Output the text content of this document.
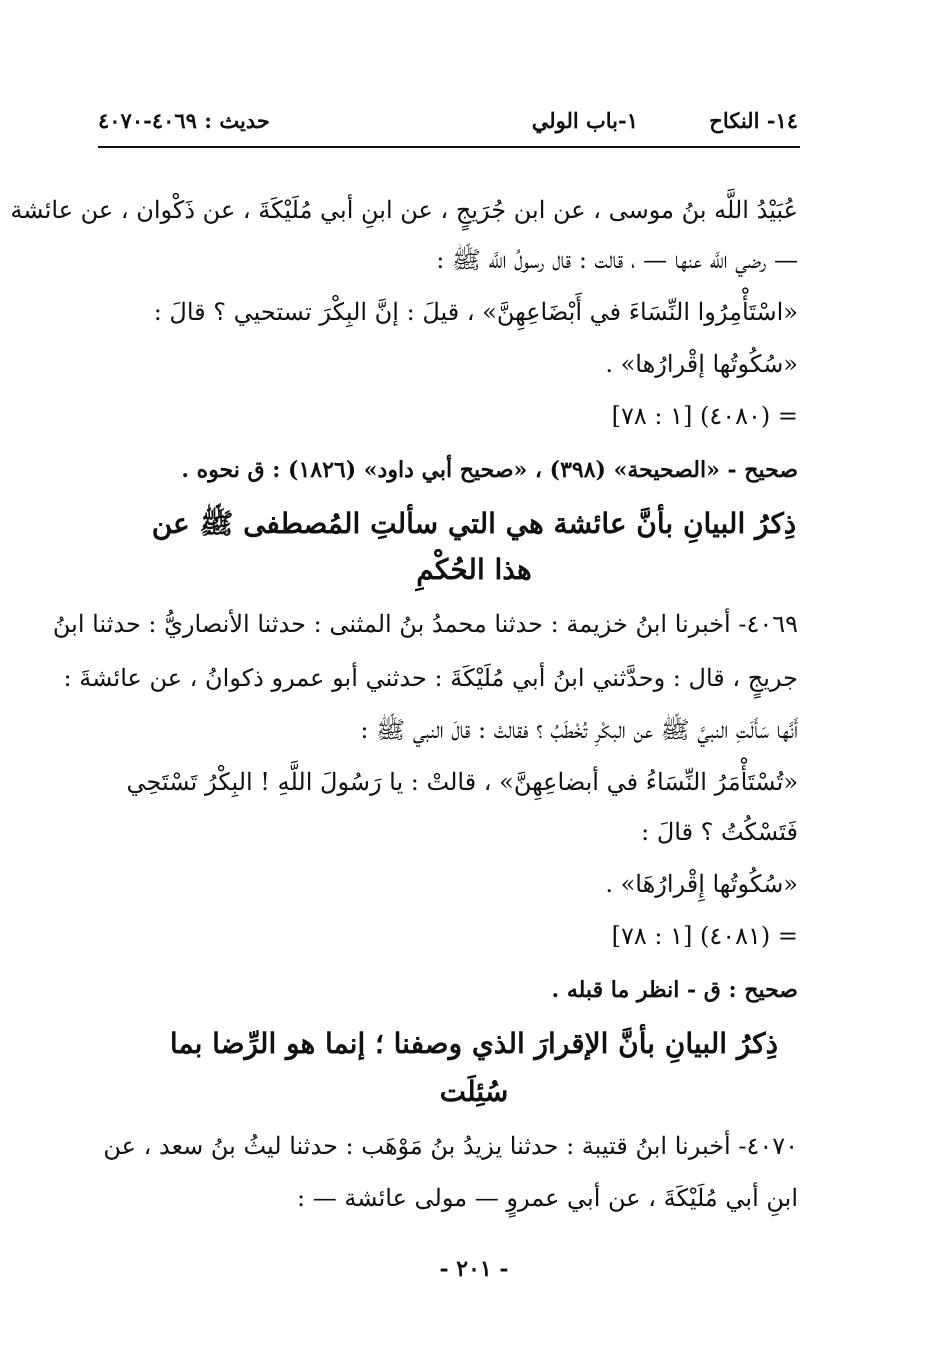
١٤- النكاح
١-باب الولي
حديث : ٤٠٦٩-٤٠٧٠
عُبَيْدُ اللَّه بنُ موسى ، عن ابن جُرَيجٍ ، عن ابنِ أبي مُلَيْكَةَ ، عن ذَكْوان ، عن عائشة
— رضي اللَّه عنها — ، قالت : قال رسولُ اللَّه ﷺ :
«اسْتَأْمِرُوا النِّسَاءَ في أَبْضَاعِهِنَّ» ، قيلَ : إنَّ البِكْرَ تستحيي ؟ قالَ :
«سُكُوتُها إقْرارُها» .
= (٤٠٨٠) [١ : ٧٨]
صحيح - «الصحيحة» (٣٩٨) ، «صحيح أبي داود» (١٨٢٦) : ق نحوه .
ذِكرُ البيانِ بأنَّ عائشة هي التي سألتِ المُصطفى ﷺ عن
هذا الحُكْمِ
٤٠٦٩- أخبرنا ابنُ خزيمة : حدثنا محمدُ بنُ المثنى : حدثنا الأنصاريُّ : حدثنا ابنُ
جريجٍ ، قال : وحدَّثني ابنُ أبي مُلَيْكَةَ : حدثني أبو عمرو ذكوانُ ، عن عائشةَ :
أَنَّها سَأَلَتِ النبيَّ ﷺ عن البكْرِ تُخْطَبُ ؟ فقالتْ : قالَ النبي ﷺ :
«تُسْتَأْمَرُ النِّسَاءُ في أبضاعِهِنَّ» ، قالتْ : يا رَسُولَ اللَّهِ ! البِكْرُ تَسْتَحِي
فَتَسْكُتُ ؟ قالَ :
«سُكُوتُها إِقْرارُهَا» .
= (٤٠٨١) [١ : ٧٨]
صحيح : ق - انظر ما قبله .
ذِكرُ البيانِ بأنَّ الإقرارَ الذي وصفنا ؛ إنما هو الرِّضا بما
سُئِلَت
٤٠٧٠- أخبرنا ابنُ قتيبة : حدثنا يزيدُ بنُ مَوْهَب : حدثنا ليثُ بنُ سعد ، عن
ابنِ أبي مُلَيْكَةَ ، عن أبي عمروٍ — مولى عائشة — :
- ٢٠١ -
